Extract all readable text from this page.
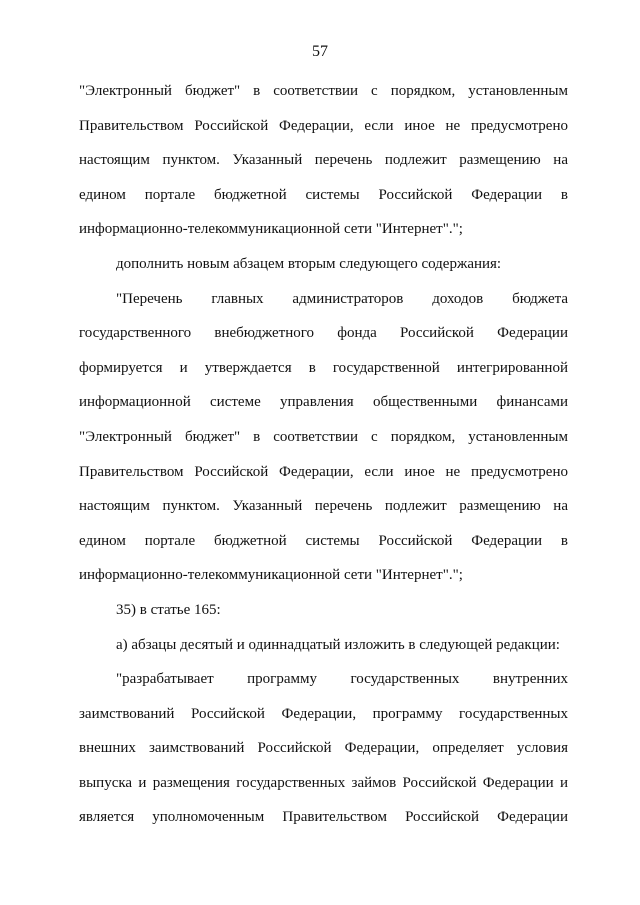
57
"Электронный бюджет" в соответствии с порядком, установленным
Правительством Российской Федерации, если иное не предусмотрено
настоящим пунктом. Указанный перечень подлежит размещению на
едином портале бюджетной системы Российской Федерации в
информационно-телекоммуникационной сети "Интернет".";
дополнить новым абзацем вторым следующего содержания:
"Перечень главных администраторов доходов бюджета
государственного внебюджетного фонда Российской Федерации
формируется и утверждается в государственной интегрированной
информационной системе управления общественными финансами
"Электронный бюджет" в соответствии с порядком, установленным
Правительством Российской Федерации, если иное не предусмотрено
настоящим пунктом. Указанный перечень подлежит размещению на
едином портале бюджетной системы Российской Федерации в
информационно-телекоммуникационной сети "Интернет".";
35) в статье 165:
а) абзацы десятый и одиннадцатый изложить в следующей редакции:
"разрабатывает программу государственных внутренних
заимствований Российской Федерации, программу государственных
внешних заимствований Российской Федерации, определяет условия
выпуска и размещения государственных займов Российской Федерации и
является уполномоченным Правительством Российской Федерации
